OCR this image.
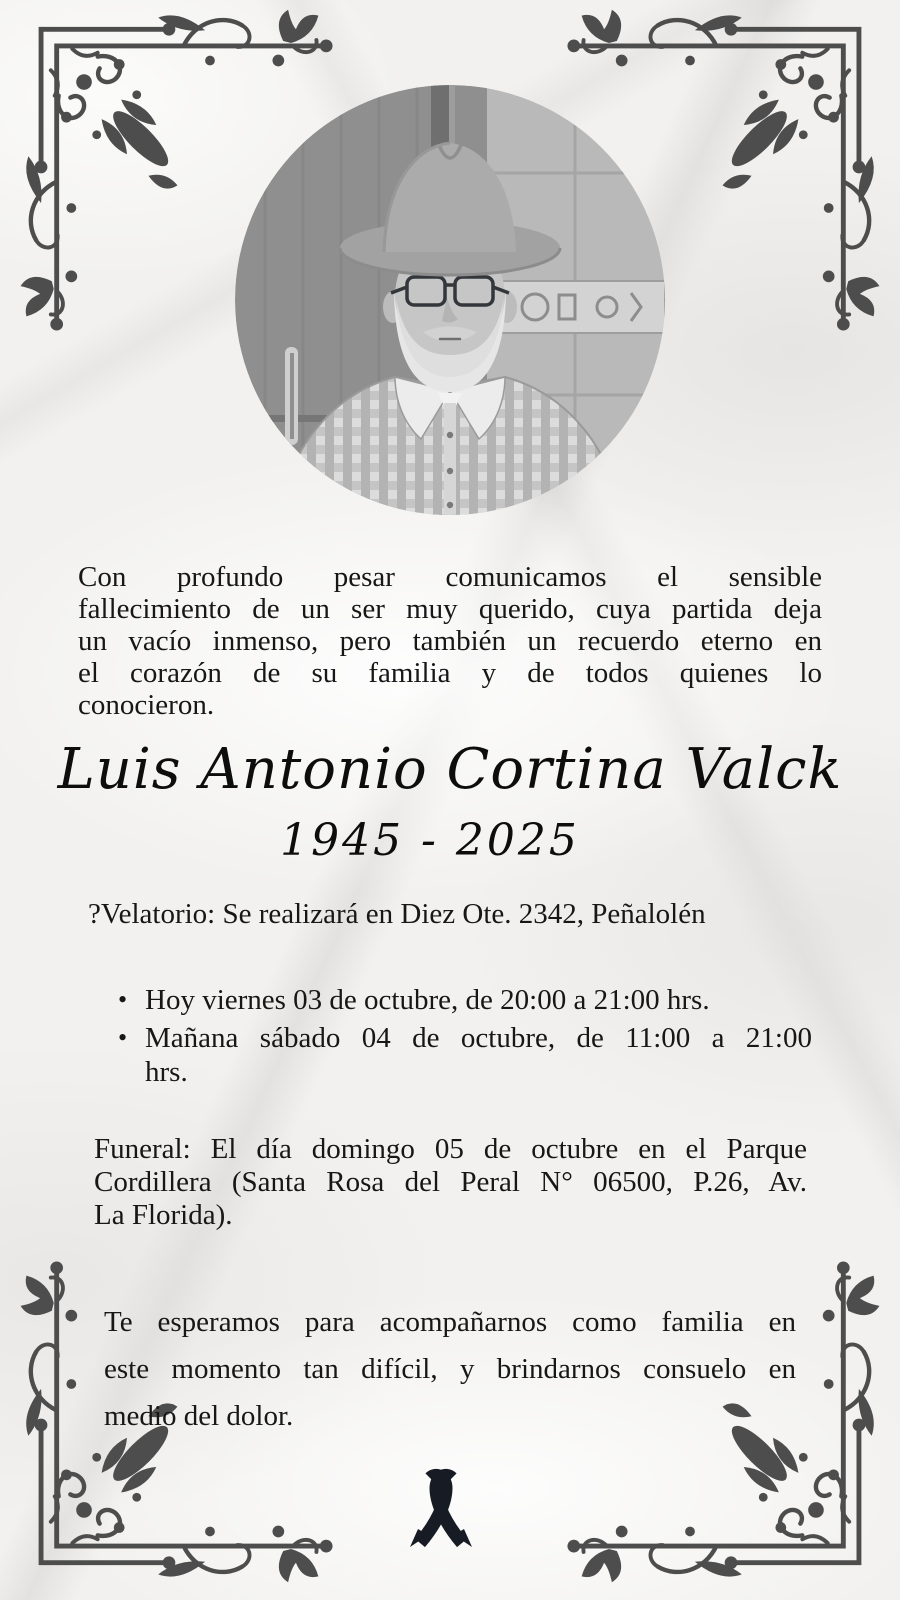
Con profundo pesar comunicamos el sensible
fallecimiento de un ser muy querido, cuya partida deja
un vacío inmenso, pero también un recuerdo eterno en
el corazón de su familia y de todos quienes lo
conocieron.
Luis Antonio Cortina Valck
1945 - 2025
?Velatorio: Se realizará en Diez Ote. 2342, Peñalolén
• Hoy viernes 03 de octubre, de 20:00 a 21:00 hrs.
• Mañana sábado 04 de octubre, de 11:00 a 21:00
hrs.
Funeral: El día domingo 05 de octubre en el Parque
Cordillera (Santa Rosa del Peral N° 06500, P.26, Av.
La Florida).
Te esperamos para acompañarnos como familia en
este momento tan difícil, y brindarnos consuelo en
medio del dolor.
